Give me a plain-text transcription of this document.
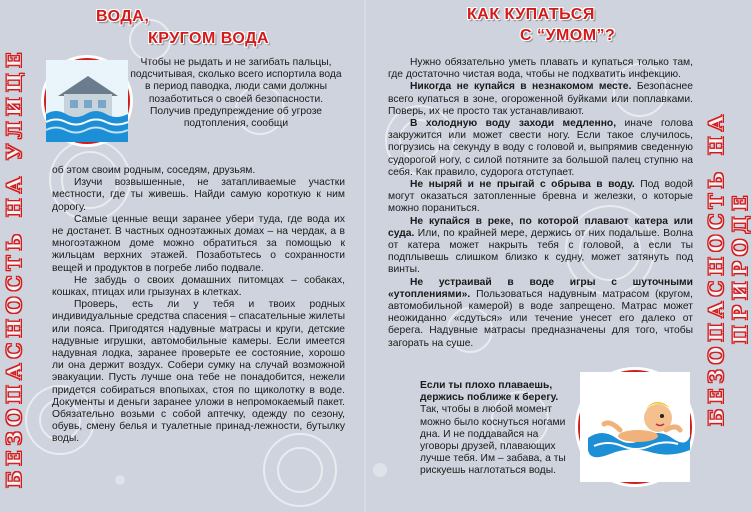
БЕЗОПАСНОСТЬ НА УЛИЦЕ	БЕЗОПАСНОСТЬ НА ПРИРОДЕ
ВОДА,
КРУГОМ ВОДА
КАК КУПАТЬСЯ
С “УМОМ”?

Чтобы не рыдать и не загибать пальцы, подсчитывая, сколько всего испортила вода в период паводка, люди сами должны позаботиться о своей безопасности.

Получив предупреждение об угрозе подтопления, сообщи

об этом своим родным, соседям, друзьям.

Изучи возвышенные, не затапливаемые участки местности, где ты живешь. Найди самую короткую к ним дорогу.

Самые ценные вещи заранее убери туда, где вода их не достанет. В частных одноэтажных домах – на чердак, а в многоэтажном доме можно обратиться за помощью к жильцам верхних этажей. Позаботьтесь о сохранности вещей и продуктов в погребе либо подвале.

Не забудь о своих домашних питомцах – собаках, кошках, птицах или грызунах в клетках.

Проверь, есть ли у тебя и твоих родных индивидуальные средства спасения – спасательные жилеты или пояса. Пригодятся надувные матрасы и круги, детские надувные игрушки, автомобильные камеры. Если имеется надувная лодка, заранее проверьте ее состояние, хорошо ли она держит воздух. Собери сумку на случай возможной эвакуации. Пусть лучше она тебе не понадобится, нежели придется собираться впопыхах, стоя по щиколотку в воде. Документы и деньги заранее уложи в непромокаемый пакет. Обязательно возьми с собой аптечку, одежду по сезону, обувь, смену белья и туалетные принад-лежности, бутылку воды.

Нужно обязательно уметь плавать и купаться только там, где достаточно чистая вода, чтобы не подхватить инфекцию.

Никогда не купайся в незнакомом месте. Безопаснее всего купаться в зоне, огороженной буйками или поплавками. Поверь, их не просто так устанавливают.

В холодную воду заходи медленно, иначе голова закружится или может свести ногу. Если такое случилось, погрузись на секунду в воду с головой и, выпрямив сведенную судорогой ногу, с силой потяните за большой палец ступню на себя. Как правило, судорога отступает.

Не ныряй и не прыгай с обрыва в воду. Под водой могут оказаться затопленные бревна и железки, о которые можно пораниться.

Не купайся в реке, по которой плавают катера или суда. Или, по крайней мере, держись от них подальше. Волна от катера может накрыть тебя с головой, а если ты подплывешь слишком близко к судну, может затянуть под винты.

Не устраивай в воде игры с шуточными «утоплениями». Пользоваться надувным матрасом (кругом, автомобильной камерой) в воде запрещено. Матрас может неожиданно «сдуться» или течение унесет его далеко от берега. Надувные матрасы предназначены для того, чтобы загорать на суше.

Если ты плохо плаваешь, держись поближе к берегу. Так, чтобы в любой момент можно было коснуться ногами дна. И не поддавайся на уговоры друзей, плавающих лучше тебя. Им – забава, а ты рискуешь наглотаться воды.
